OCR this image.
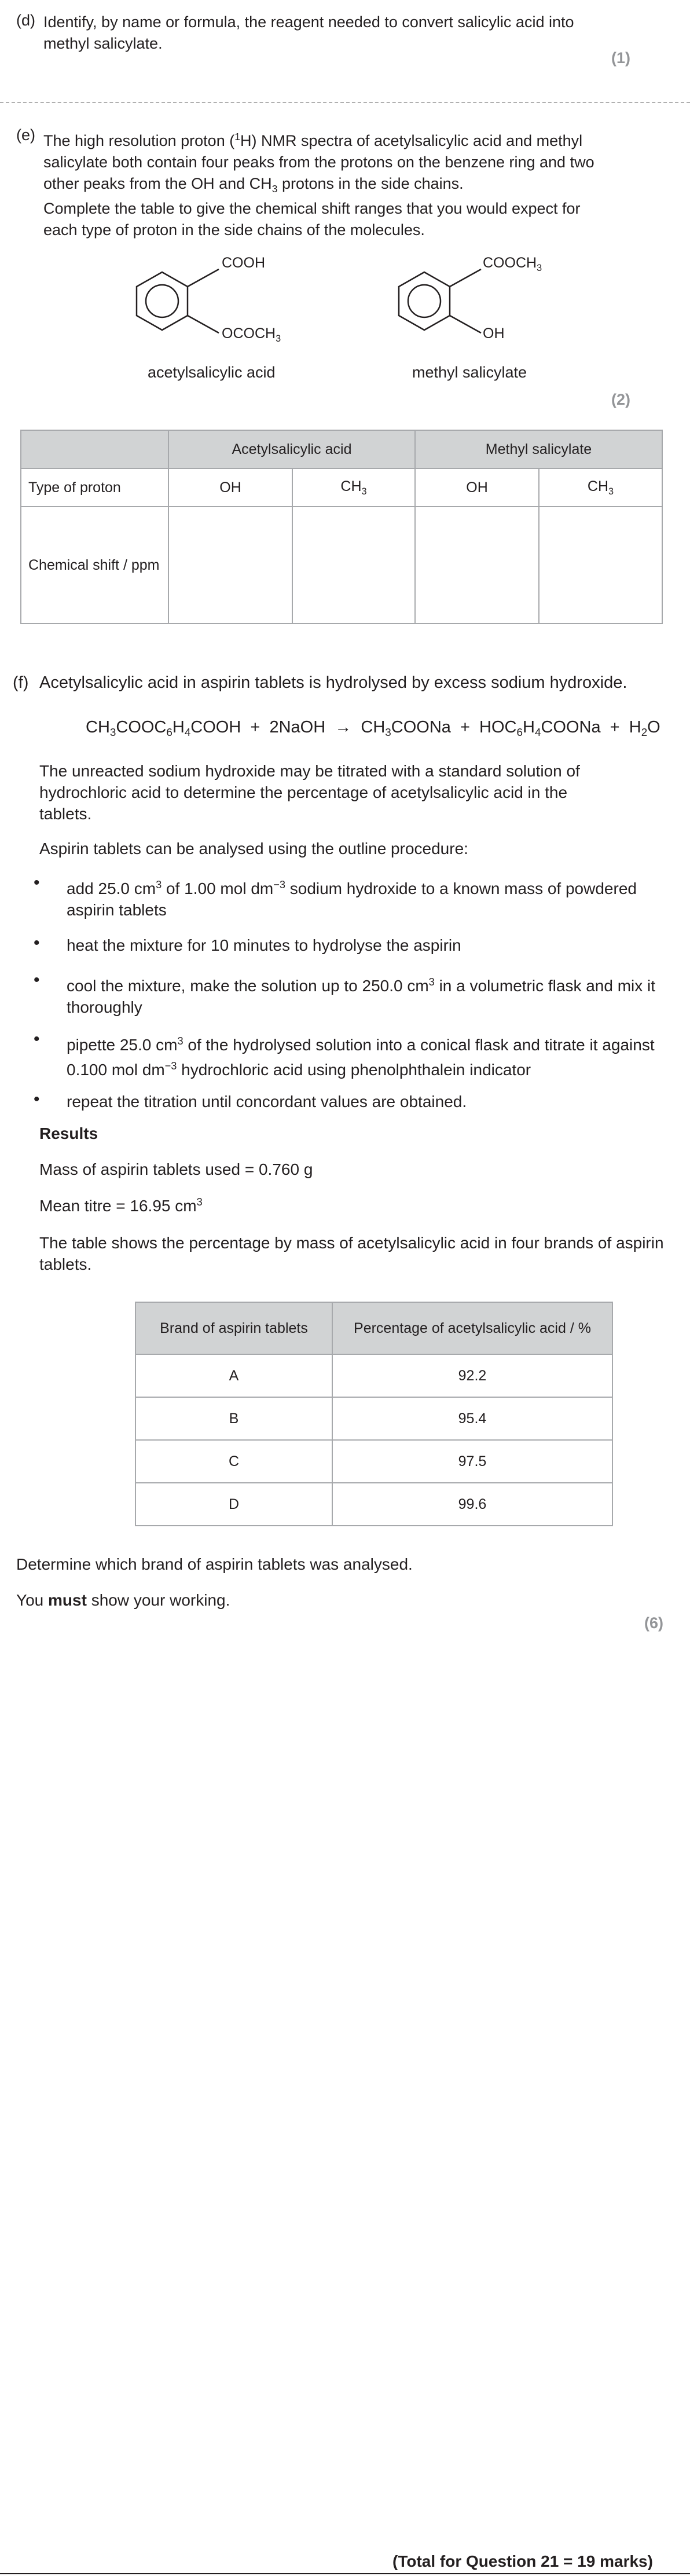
(d) Identify, by name or formula, the reagent needed to convert salicylic acid into methyl salicylate.
(1)
(e) The high resolution proton ($^1$H) NMR spectra of acetylsalicylic acid and methyl salicylate both contain four peaks from the protons on the benzene ring and two other peaks from the OH and $CH_3$ protons in the side chains.
Complete the table to give the chemical shift ranges that you would expect for each type of proton in the side chains of the molecules.
COOH
$OCOCH_3$
acetylsalicylic acid
$COOCH_3$
OH
methyl salicylate
(2)
	Acetylsalicylic acid		Methyl salicylate	
Type of proton	OH	$CH_3$	OH	$CH_3$
Chemical shift / ppm				
(f) Acetylsalicylic acid in aspirin tablets is hydrolysed by excess sodium hydroxide.
$CH_3COOC_6H_4COOH$  +  2NaOH  →  $CH_3COONa$  +  $HOC_6H_4COONa + H_2O$
The unreacted sodium hydroxide may be titrated with a standard solution of hydrochloric acid to determine the percentage of acetylsalicylic acid in the tablets.
Aspirin tablets can be analysed using the outline procedure:
• add 25.0 $cm^3$ of 1.00 mol $dm^{-3}$ sodium hydroxide to a known mass of powdered aspirin tablets
• heat the mixture for 10 minutes to hydrolyse the aspirin
• cool the mixture, make the solution up to 250.0 $cm^3$ in a volumetric flask and mix it thoroughly
• pipette 25.0 $cm^3$ of the hydrolysed solution into a conical flask and titrate it against 0.100 mol $dm^{-3}$ hydrochloric acid using phenolphthalein indicator
• repeat the titration until concordant values are obtained.
Results
Mass of aspirin tablets used = 0.760 g
Mean titre = 16.95 $cm^3$
The table shows the percentage by mass of acetylsalicylic acid in four brands of aspirin tablets.
Brand of aspirin tablets	Percentage of acetylsalicylic acid / %
A	92.2
B	95.4
C	97.5
D	99.6
Determine which brand of aspirin tablets was analysed.
You must show your working.
(6)
(Total for Question 21 = 19 marks)
